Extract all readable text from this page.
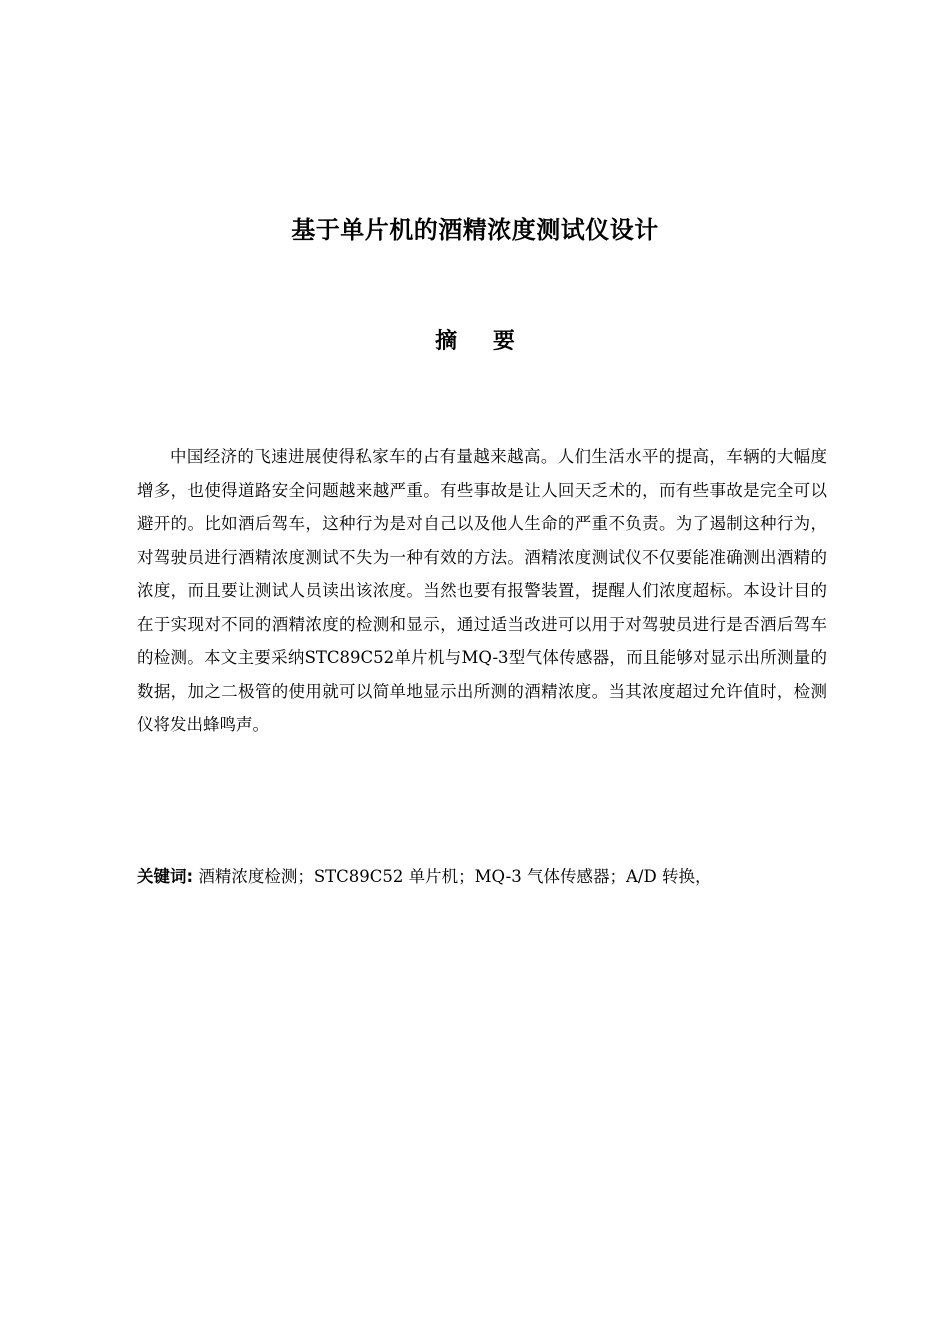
基于单片机的酒精浓度测试仪设计
摘 要

中国经济的飞速进展使得私家车的占有量越来越高。人们生活水平的提高，车辆的大幅度增多，也使得道路安全问题越来越严重。有些事故是让人回天乏术的，而有些事故是完全可以避开的。比如酒后驾车，这种行为是对自己以及他人生命的严重不负责。为了遏制这种行为，对驾驶员进行酒精浓度测试不失为一种有效的方法。酒精浓度测试仪不仅要能准确测出酒精的浓度，而且要让测试人员读出该浓度。当然也要有报警装置，提醒人们浓度超标。本设计目的在于实现对不同的酒精浓度的检测和显示，通过适当改进可以用于对驾驶员进行是否酒后驾车的检测。本文主要采纳STC89C52单片机与MQ-3型气体传感器，而且能够对显示出所测量的数据，加之二极管的使用就可以简单地显示出所测的酒精浓度。当其浓度超过允许值时，检测仪将发出蜂鸣声。

关键词: 酒精浓度检测；STC89C52 单片机；MQ-3 气体传感器；A/D 转换，
